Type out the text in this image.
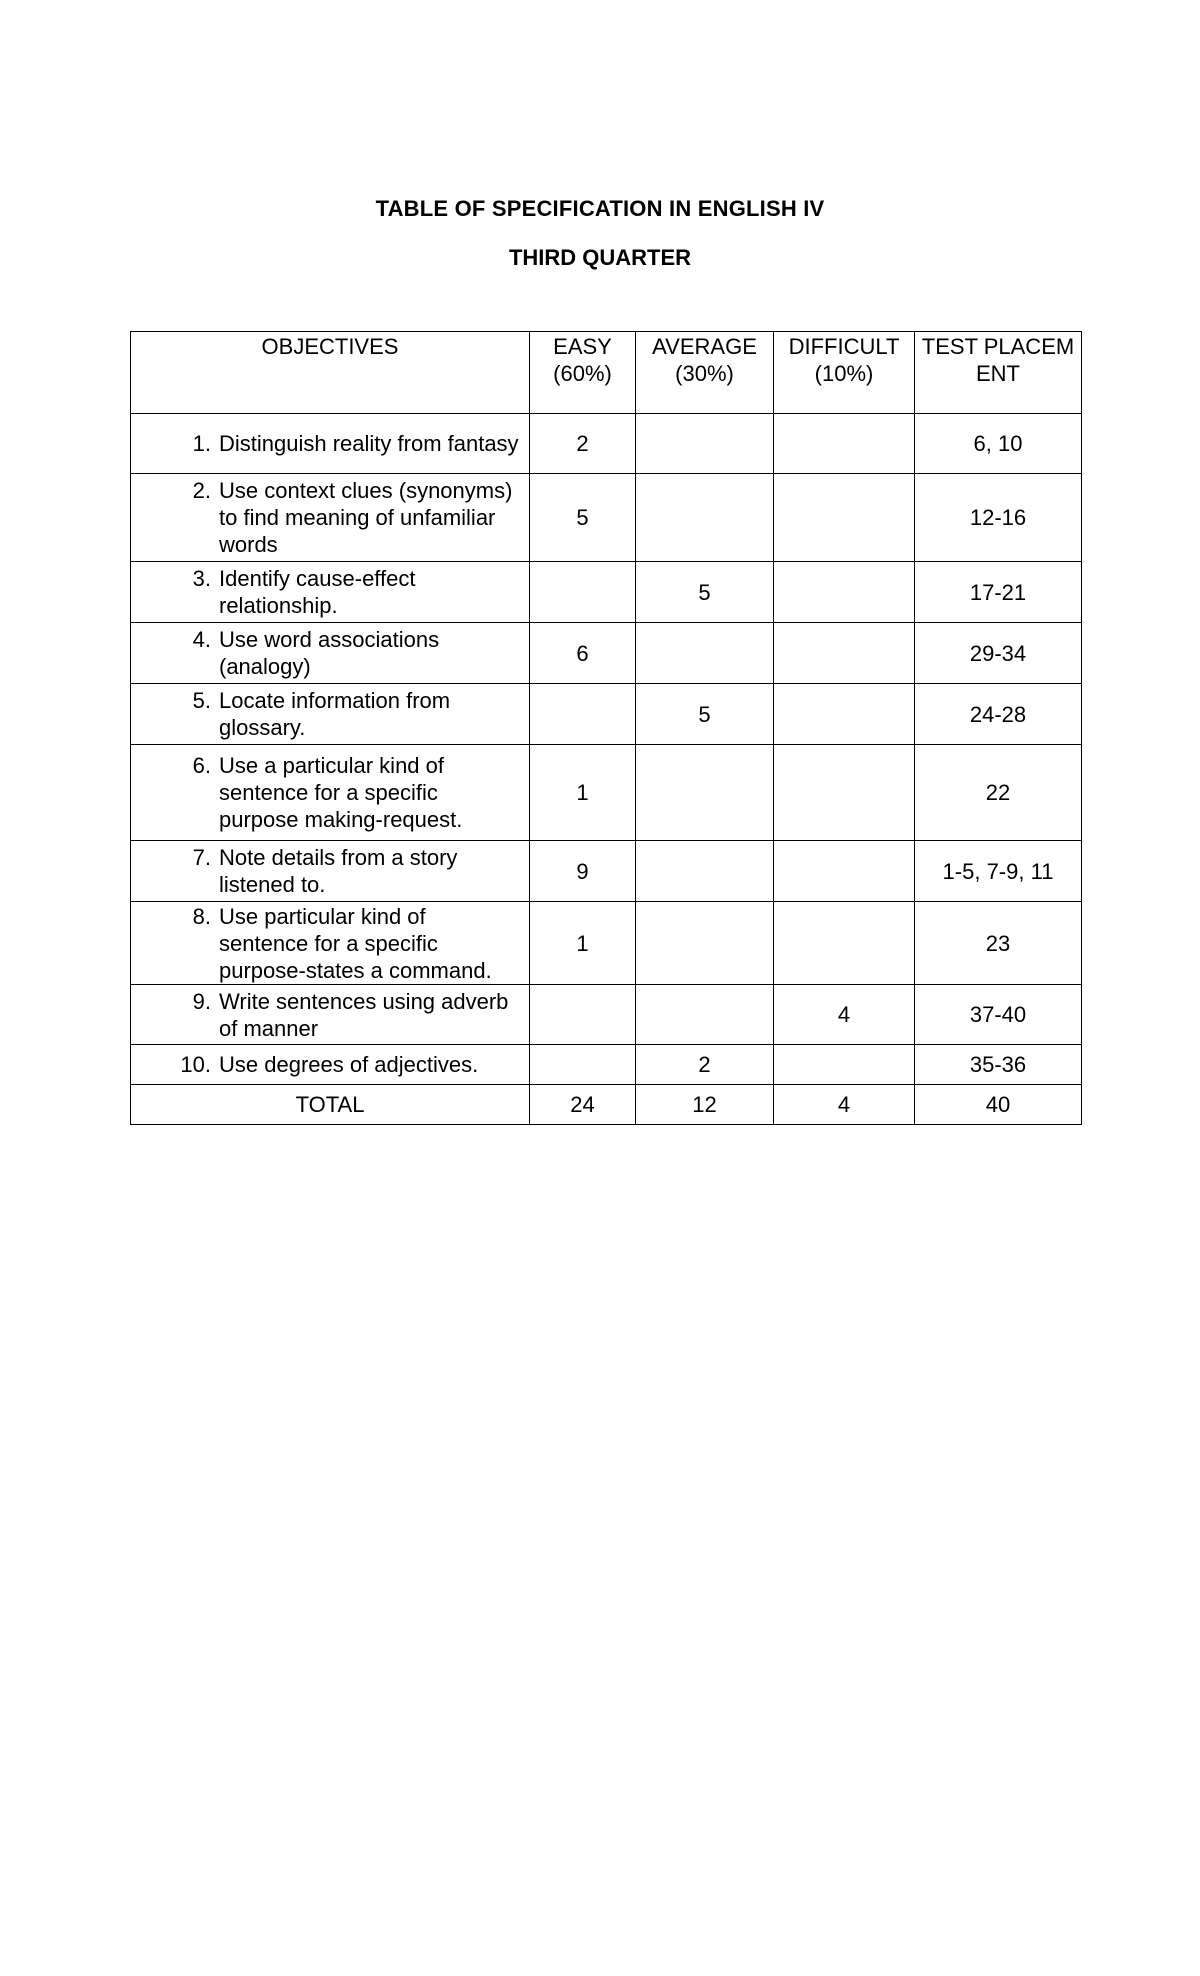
TABLE OF SPECIFICATION IN ENGLISH IV

THIRD QUARTER

OBJECTIVES	EASY (60%)	AVERAGE (30%)	DIFFICULT (10%)	TEST PLACEMENT

1. Distinguish reality from fantasy	2			6, 10

2. Use context clues (synonyms) to find meaning of unfamiliar words	5			12-16

3. Identify cause-effect relationship.		5		17-21

4. Use word associations (analogy)	6			29-34

5. Locate information from glossary.		5		24-28

6. Use a particular kind of sentence for a specific purpose making-request.	1			22

7. Note details from a story listened to.	9			1-5, 7-9, 11

8. Use particular kind of sentence for a specific purpose-states a command.	1			23

9. Write sentences using adverb of manner			4	37-40

10. Use degrees of adjectives.		2		35-36
TOTAL	24	12	4	40
